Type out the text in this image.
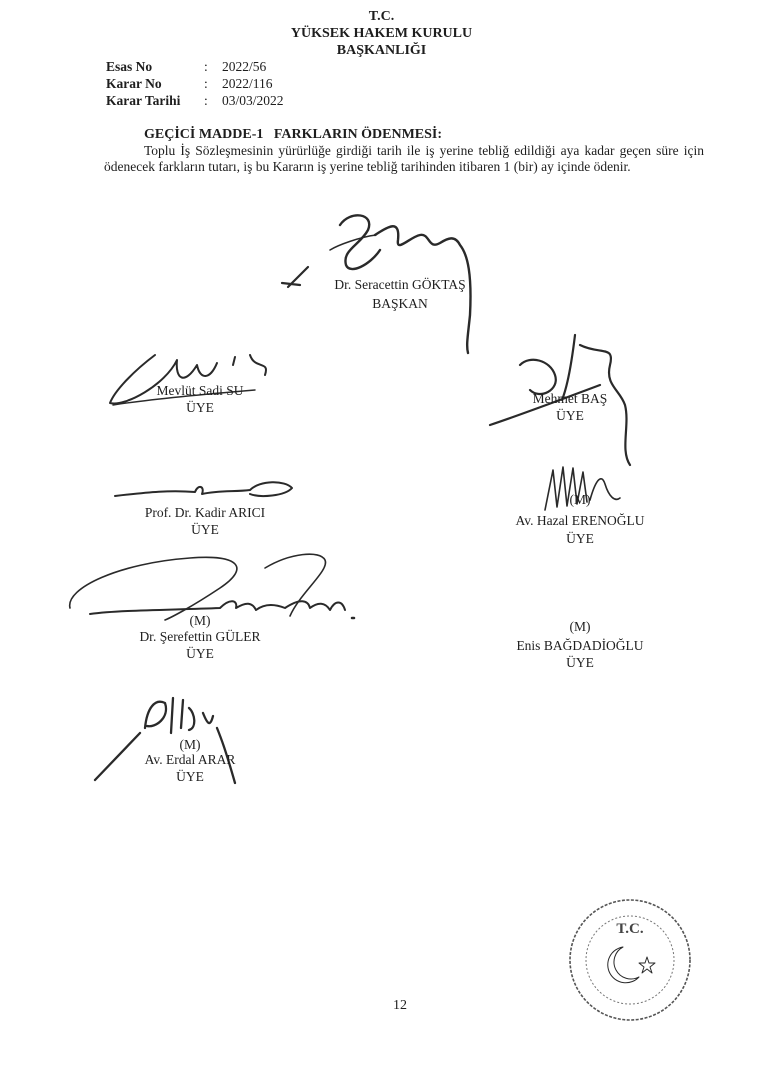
T.C.
YÜKSEK HAKEM KURULU
BAŞKANLIĞI
Esas No	: 2022/56
Karar No	: 2022/116
Karar Tarihi : 03/03/2022
GEÇİCİ MADDE-1   FARKLARIN ÖDENMESİ:
Toplu İş Sözleşmesinin yürürlüğe girdiği tarih ile iş yerine tebliğ edildiği aya kadar geçen süre için ödenecek farkların tutarı, iş bu Kararın iş yerine tebliğ tarihinden itibaren 1 (bir) ay içinde ödenir.
Dr. Seracettin GÖKTAŞ
BAŞKAN
Mevlüt Sadi SU
ÜYE
Mehmet BAŞ
ÜYE
Prof. Dr. Kadir ARICI
ÜYE
(M)
Av. Hazal ERENOĞLU
ÜYE
(M)
Dr. Şerefettin GÜLER
ÜYE
(M)
Enis BAĞDADİOĞLU
ÜYE
(M)
Av. Erdal ARAR
ÜYE
T.C.
12
